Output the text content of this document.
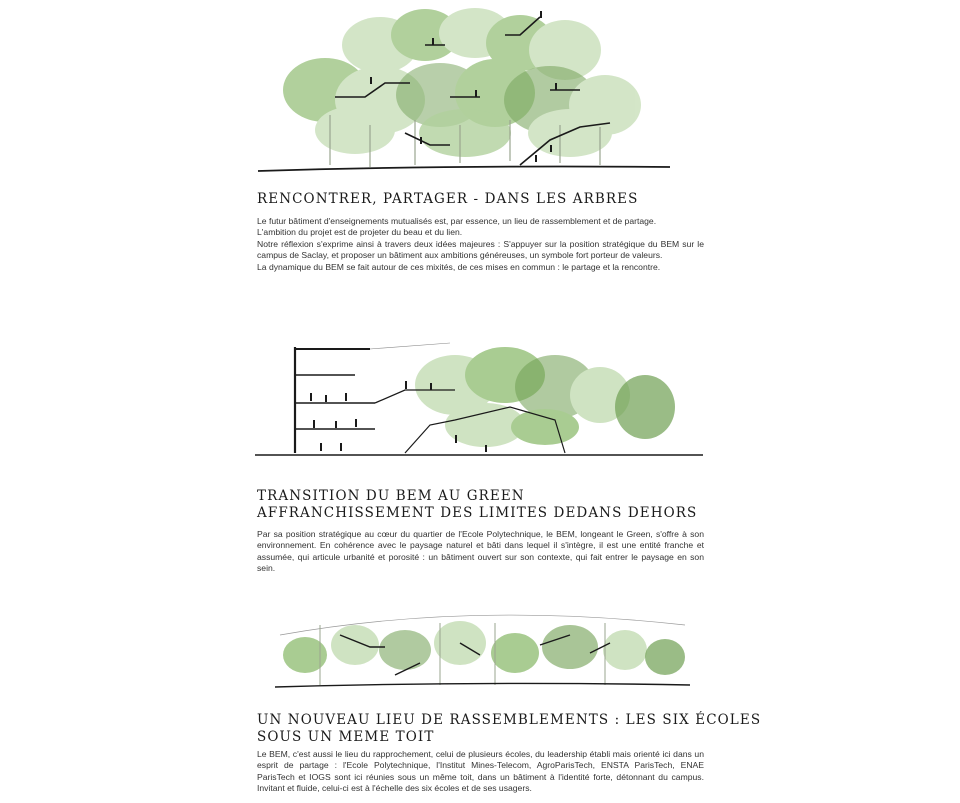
RENCONTRER, PARTAGER - DANS LES ARBRES

Le futur bâtiment d'enseignements mutualisés est, par essence, un lieu de rassemblement et de partage.

L'ambition du projet est de projeter du beau et du lien.

Notre réflexion s'exprime ainsi à travers deux idées majeures : S'appuyer sur la position stratégique du BEM sur le campus de Saclay, et proposer un bâtiment aux ambitions généreuses, un symbole fort porteur de valeurs.

La dynamique du BEM se fait autour de ces mixités, de ces mises en commun : le partage et la rencontre.

TRANSITION DU BEM AU GREEN
AFFRANCHISSEMENT DES LIMITES DEDANS DEHORS

Par sa position stratégique au cœur du quartier de l'Ecole Polytechnique, le BEM, longeant le Green, s'offre à son environnement. En cohérence avec le paysage naturel et bâti dans lequel il s'intègre, il est une entité franche et assumée, qui articule urbanité et porosité : un bâtiment ouvert sur son contexte, qui fait entrer le paysage en son sein.

UN NOUVEAU LIEU DE RASSEMBLEMENTS : LES SIX ÉCOLES
SOUS UN MEME TOIT

Le BEM, c'est aussi le lieu du rapprochement, celui de plusieurs écoles, du leadership établi mais orienté ici dans un esprit de partage : l'Ecole Polytechnique, l'Institut Mines-Telecom, AgroParisTech, ENSTA ParisTech, ENAE ParisTech et IOGS sont ici réunies sous un même toit, dans un bâtiment à l'identité forte, détonnant du campus. Invitant et fluide, celui-ci est à l'échelle des six écoles et de ses usagers.
